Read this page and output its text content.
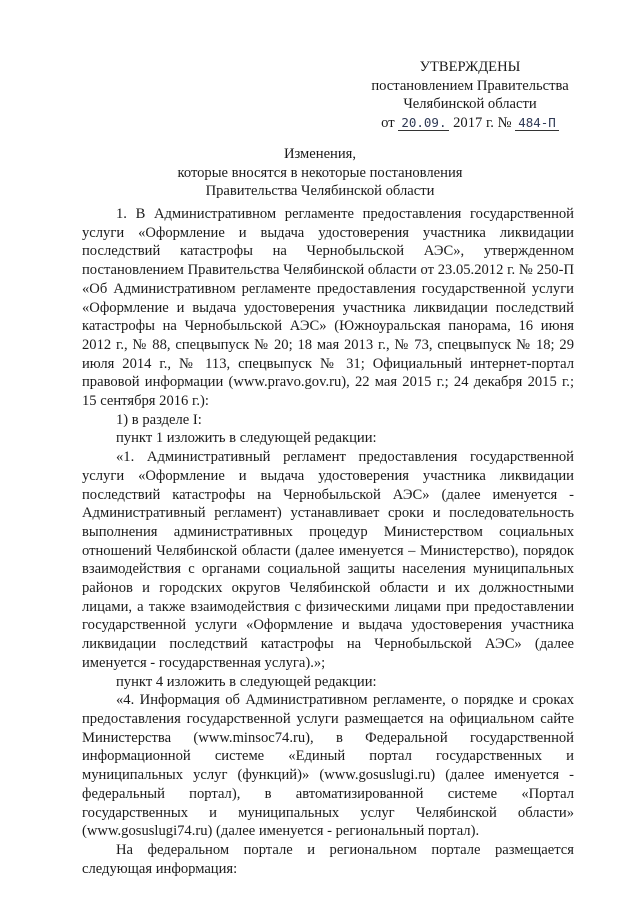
УТВЕРЖДЕНЫ
постановлением Правительства
Челябинской области
от 20.09. 2017 г. № 484-П
Изменения,
которые вносятся в некоторые постановления
Правительства Челябинской области

1. В Административном регламенте предоставления государственной услуги «Оформление и выдача удостоверения участника ликвидации последствий катастрофы на Чернобыльской АЭС», утвержденном постановлением Правительства Челябинской области от 23.05.2012 г. № 250-П «Об Административном регламенте предоставления государственной услуги «Оформление и выдача удостоверения участника ликвидации последствий катастрофы на Чернобыльской АЭС» (Южноуральская панорама, 16 июня 2012 г., № 88, спецвыпуск № 20; 18 мая 2013 г., № 73, спецвыпуск № 18; 29 июля 2014 г., № 113, спецвыпуск № 31; Официальный интернет-портал правовой информации (www.pravo.gov.ru), 22 мая 2015 г.; 24 декабря 2015 г.; 15 сентября 2016 г.):

1) в разделе I:

пункт 1 изложить в следующей редакции:

«1. Административный регламент предоставления государственной услуги «Оформление и выдача удостоверения участника ликвидации последствий катастрофы на Чернобыльской АЭС» (далее именуется - Административный регламент) устанавливает сроки и последовательность выполнения административных процедур Министерством социальных отношений Челябинской области (далее именуется – Министерство), порядок взаимодействия с органами социальной защиты населения муниципальных районов и городских округов Челябинской области и их должностными лицами, а также взаимодействия с физическими лицами при предоставлении государственной услуги «Оформление и выдача удостоверения участника ликвидации последствий катастрофы на Чернобыльской АЭС» (далее именуется - государственная услуга).»;

пункт 4 изложить в следующей редакции:

«4. Информация об Административном регламенте, о порядке и сроках предоставления государственной услуги размещается на официальном сайте Министерства (www.minsoc74.ru), в Федеральной государственной информационной системе «Единый портал государственных и муниципальных услуг (функций)» (www.gosuslugi.ru) (далее именуется - федеральный портал), в автоматизированной системе «Портал государственных и муниципальных услуг Челябинской области» (www.gosuslugi74.ru) (далее именуется - региональный портал).

На федеральном портале и региональном портале размещается следующая информация:
